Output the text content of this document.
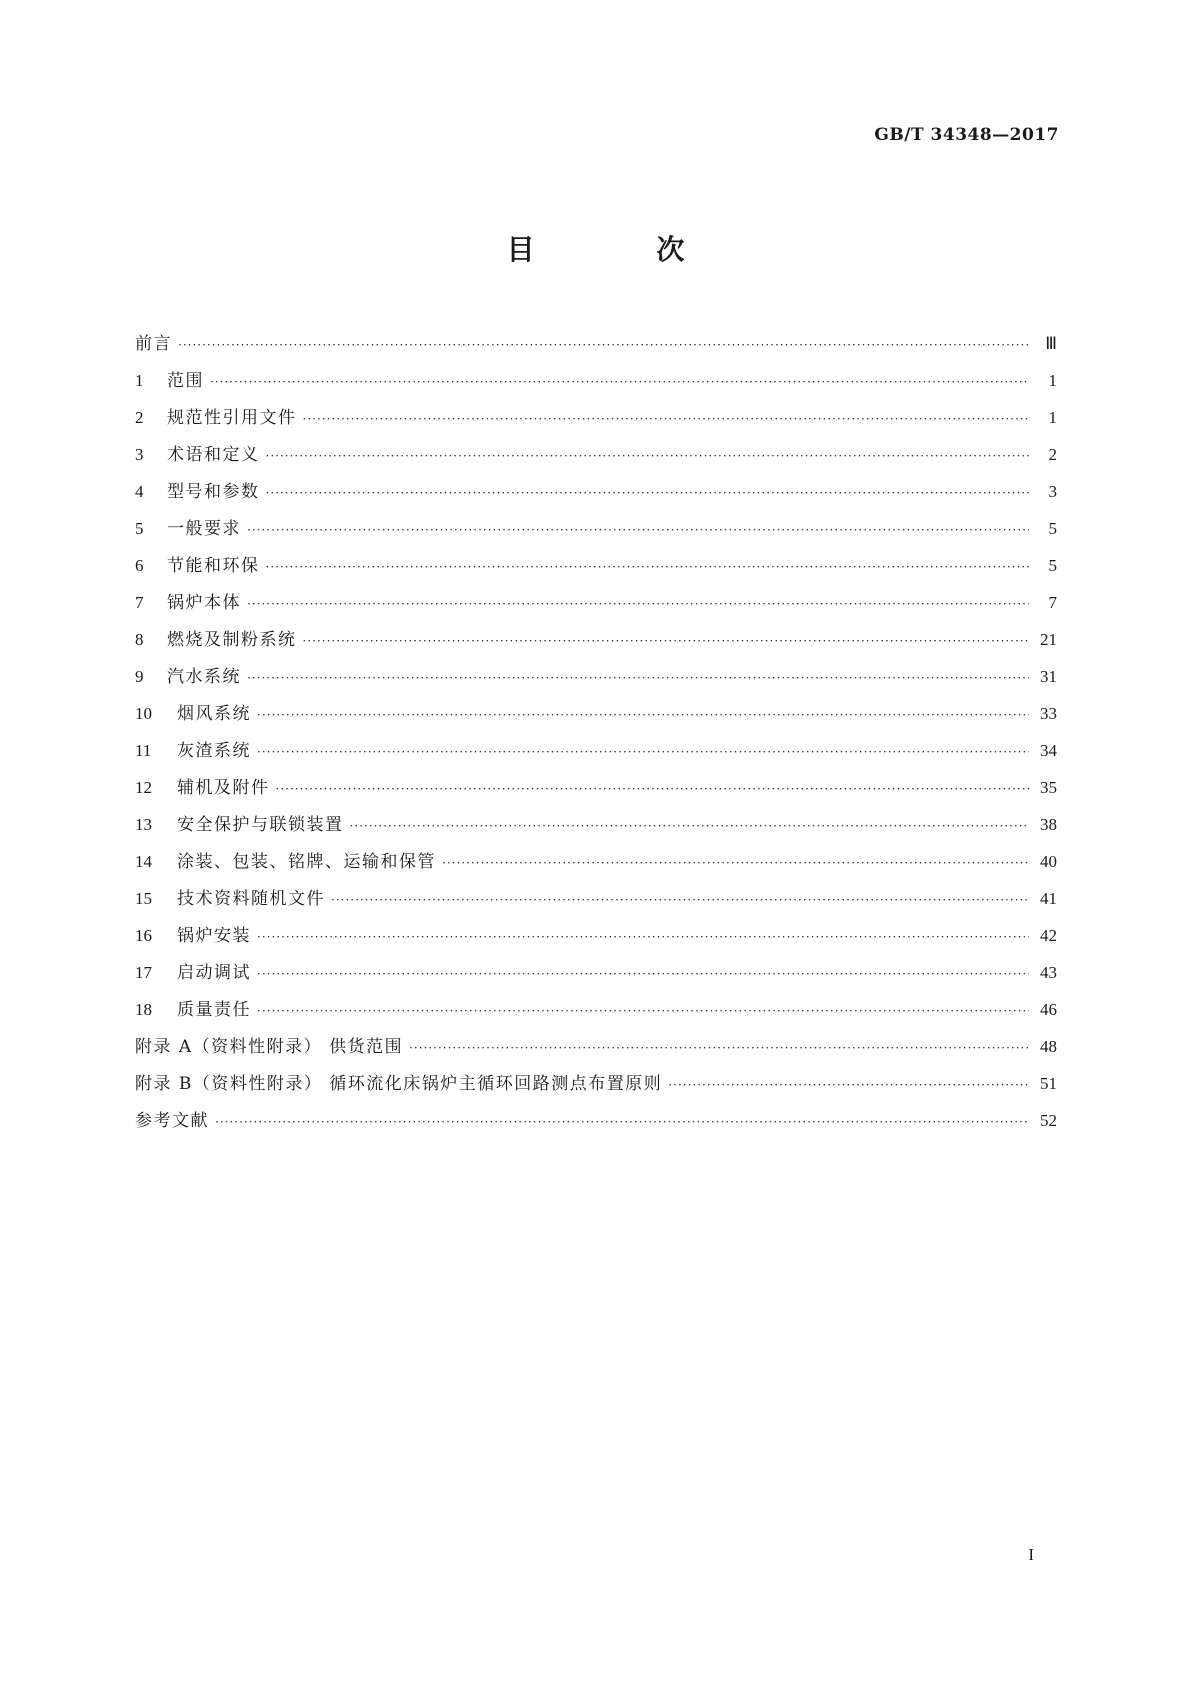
GB/T 34348—2017
目 次
前言 ·····	Ⅲ
1	范围 ·····	1
2	规范性引用文件 ·····	1
3	术语和定义 ·····	2
4	型号和参数 ·····	3
5	一般要求 ·····	5
6	节能和环保 ·····	5
7	锅炉本体 ·····	7
8	燃烧及制粉系统 ·····	21
9	汽水系统 ·····	31
10	烟风系统 ·····	33
11	灰渣系统 ·····	34
12	辅机及附件 ·····	35
13	安全保护与联锁装置 ·····	38
14	涂装、包装、铭牌、运输和保管 ·····	40
15	技术资料随机文件 ·····	41
16	锅炉安装 ·····	42
17	启动调试 ·····	43
18	质量责任 ·····	46
附录 A（资料性附录） 供货范围 ·····	48
附录 B（资料性附录） 循环流化床锅炉主循环回路测点布置原则 ·····	51
参考文献 ·····	52
I
